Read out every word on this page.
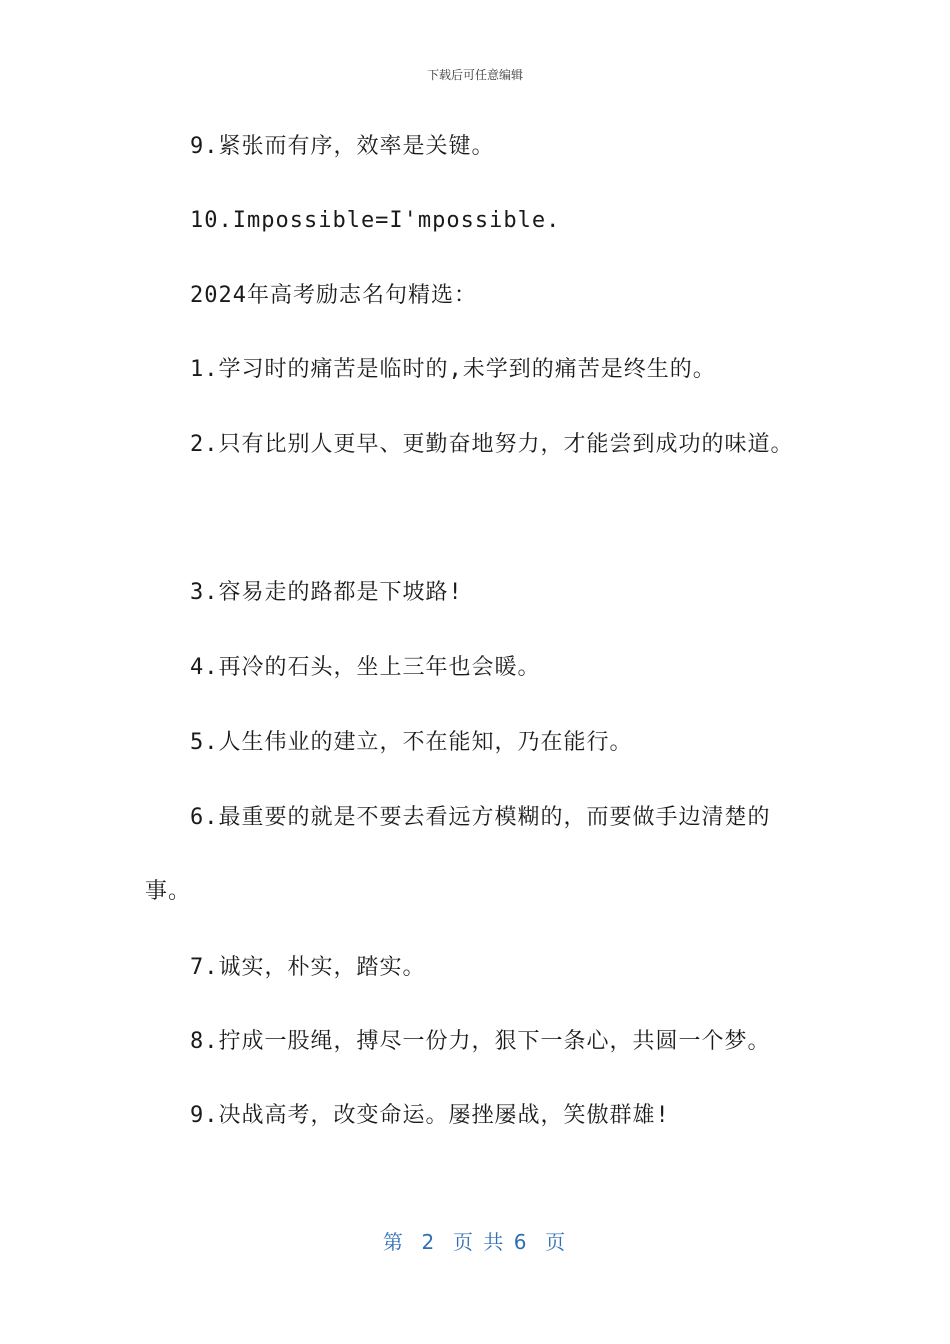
下载后可任意编辑
9.紧张而有序，效率是关键。
10.Impossible=I'mpossible.
2024年高考励志名句精选：
1.学习时的痛苦是临时的,未学到的痛苦是终生的。
2.只有比别人更早、更勤奋地努力，才能尝到成功的味道。
3.容易走的路都是下坡路!
4.再冷的石头，坐上三年也会暖。
5.人生伟业的建立，不在能知，乃在能行。
6.最重要的就是不要去看远方模糊的，而要做手边清楚的
事。
7.诚实，朴实，踏实。
8.拧成一股绳，搏尽一份力，狠下一条心，共圆一个梦。
9.决战高考，改变命运。屡挫屡战，笑傲群雄!
第  2  页 共 6  页
